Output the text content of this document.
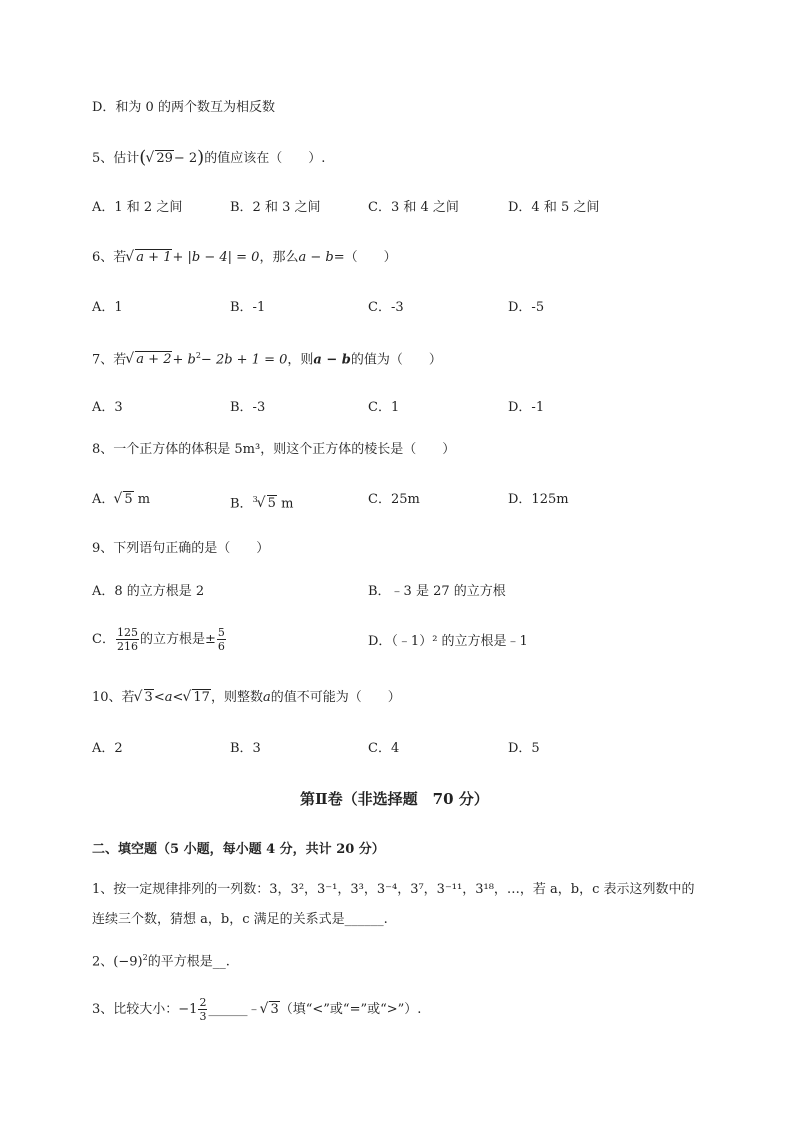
D．和为 0 的两个数互为相反数
5、估计( √ 29− 2)的值应该在（　　）.
A．1 和 2 之间	B．2 和 3 之间	C．3 和 4 之间	D．4 和 5 之间
6、若 √ a + 1+ |b − 4| = 0，那么a − b=（　　）
A．1	B．-1	C．-3	D．-5
7、若 √ $a + 2+ b^2- 2b + 1 = 0$，则a − b的值为（　　）
A．3	B．-3	C．1	D．-1
8、一个正方体的体积是 5m³，则这个正方体的棱长是（　　）
A． √ 5 m	B．$^3$ √ 5 m	C．25m	D．125m
9、下列语句正确的是（　　）
A．8 的立方根是 2	B．﹣3 是 27 的立方根
C． $\frac{125}{216}$ 的立方根是± $\frac{5}{6}$	D．（﹣1）² 的立方根是﹣1
10、若 √ 3<a< √ 17，则整数a的值不可能为（　　）
A．2	B．3	C．4	D．5
第Ⅱ卷（非选择题　70 分）
二、填空题（5 小题，每小题 4 分，共计 20 分）
1、按一定规律排列的一列数：3，3²，3⁻¹，3³，3⁻⁴，3⁷，3⁻¹¹，3¹⁸，…，若 a，b，c 表示这列数中的
连续三个数，猜想 a，b，c 满足的关系式是______.
2、$(-9)^2$的平方根是__.
3、比较大小：$-1 \frac{2}{3}$ ______﹣ √ 3（填“<”或“=”或“>”）.
